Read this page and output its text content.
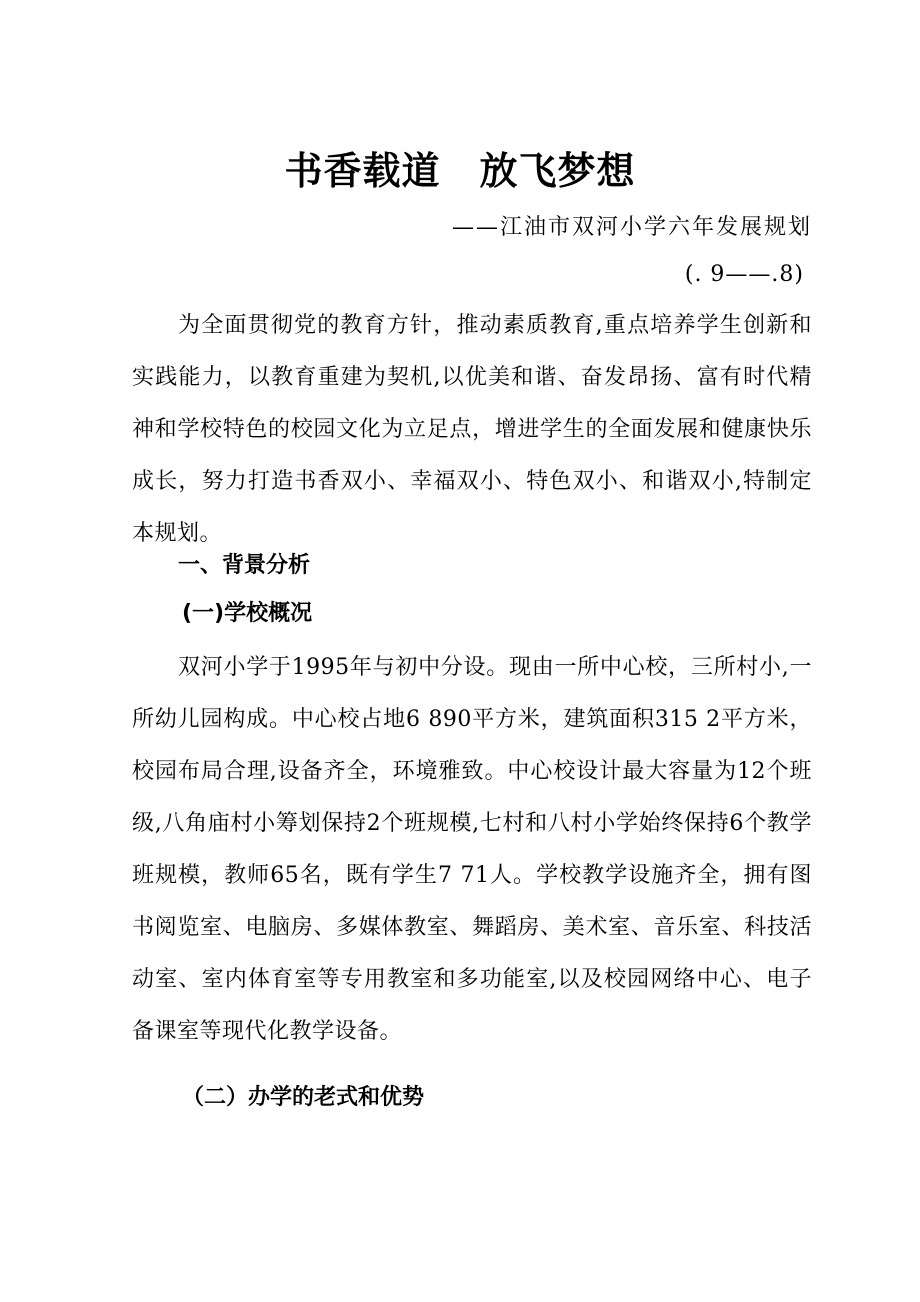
书香载道　放飞梦想
——江油市双河小学六年发展规划
(. 9——.8)

为全面贯彻党的教育方针，推动素质教育,重点培养学生创新和实践能力，以教育重建为契机,以优美和谐、奋发昂扬、富有时代精神和学校特色的校园文化为立足点，增进学生的全面发展和健康快乐成长，努力打造书香双小、幸福双小、特色双小、和谐双小,特制定本规划。

一、背景分析
(一)学校概况

双河小学于1995年与初中分设。现由一所中心校，三所村小,一所幼儿园构成。中心校占地6 890平方米，建筑面积315 2平方米，校园布局合理,设备齐全，环境雅致。中心校设计最大容量为12个班级,八角庙村小筹划保持2个班规模,七村和八村小学始终保持6个教学班规模，教师65名，既有学生7 71人。学校教学设施齐全，拥有图书阅览室、电脑房、多媒体教室、舞蹈房、美术室、音乐室、科技活动室、室内体育室等专用教室和多功能室,以及校园网络中心、电子备课室等现代化教学设备。

（二）办学的老式和优势
